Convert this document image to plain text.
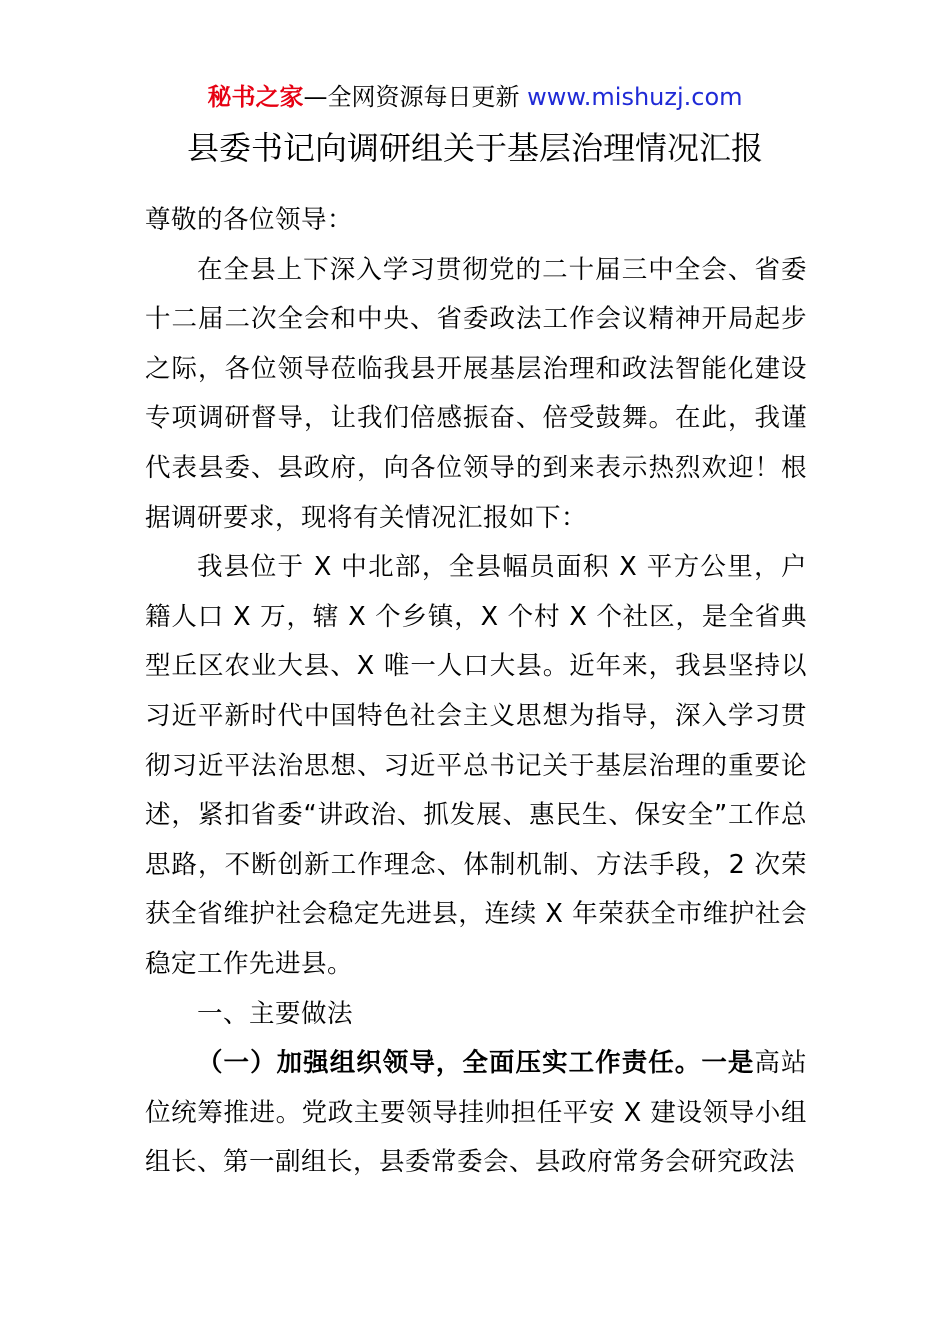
秘书之家—全网资源每日更新 www.mishuzj.com
县委书记向调研组关于基层治理情况汇报

尊敬的各位领导：

在全县上下深入学习贯彻党的二十届三中全会、省委十二届二次全会和中央、省委政法工作会议精神开局起步之际，各位领导莅临我县开展基层治理和政法智能化建设专项调研督导，让我们倍感振奋、倍受鼓舞。在此，我谨代表县委、县政府，向各位领导的到来表示热烈欢迎！根据调研要求，现将有关情况汇报如下：

我县位于 X 中北部，全县幅员面积 X 平方公里，户籍人口 X 万，辖 X 个乡镇，X 个村 X 个社区，是全省典型丘区农业大县、X 唯一人口大县。近年来，我县坚持以习近平新时代中国特色社会主义思想为指导，深入学习贯彻习近平法治思想、习近平总书记关于基层治理的重要论述，紧扣省委“讲政治、抓发展、惠民生、保安全”工作总思路，不断创新工作理念、体制机制、方法手段，2 次荣获全省维护社会稳定先进县，连续 X 年荣获全市维护社会稳定工作先进县。

一、主要做法

（一）加强组织领导，全面压实工作责任。一是高站位统筹推进。党政主要领导挂帅担任平安 X 建设领导小组组长、第一副组长，县委常委会、县政府常务会研究政法
